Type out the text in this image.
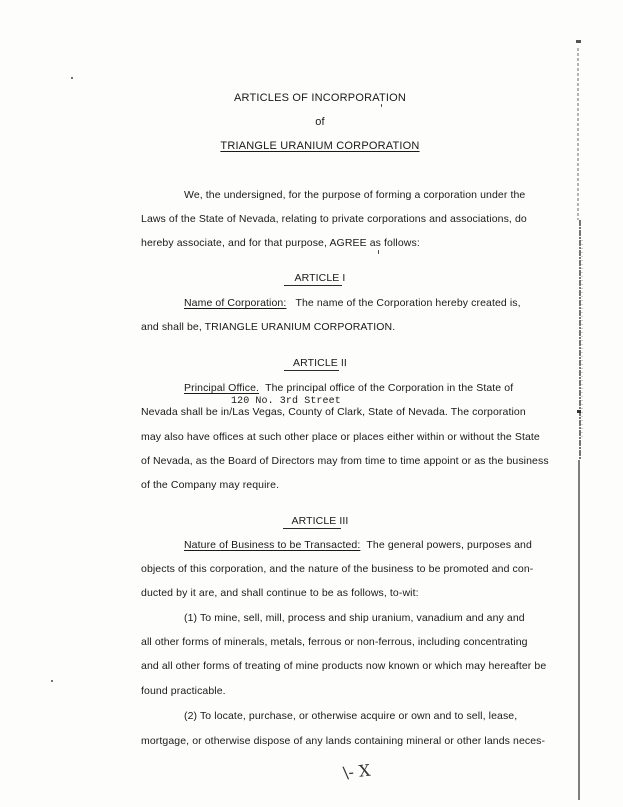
ARTICLES OF INCORPORATION
of
TRIANGLE URANIUM CORPORATION
We, the undersigned, for the purpose of forming a corporation under the
Laws of the State of Nevada, relating to private corporations and associations, do
hereby associate, and for that purpose, AGREE as follows:
ARTICLE I
Name of Corporation: The name of the Corporation hereby created is,
and shall be, TRIANGLE URANIUM CORPORATION.
ARTICLE II
Principal Office. The principal office of the Corporation in the State of
120 No. 3rd Street
Nevada shall be in/Las Vegas, County of Clark, State of Nevada. The corporation
may also have offices at such other place or places either within or without the State
of Nevada, as the Board of Directors may from time to time appoint or as the business
of the Company may require.
ARTICLE III
Nature of Business to be Transacted: The general powers, purposes and
objects of this corporation, and the nature of the business to be promoted and con-
ducted by it are, and shall continue to be as follows, to-wit:
(1) To mine, sell, mill, process and ship uranium, vanadium and any and
all other forms of minerals, metals, ferrous or non-ferrous, including concentrating
and all other forms of treating of mine products now known or which may hereafter be
found practicable.
(2) To locate, purchase, or otherwise acquire or own and to sell, lease,
mortgage, or otherwise dispose of any lands containing mineral or other lands neces-
\- X
